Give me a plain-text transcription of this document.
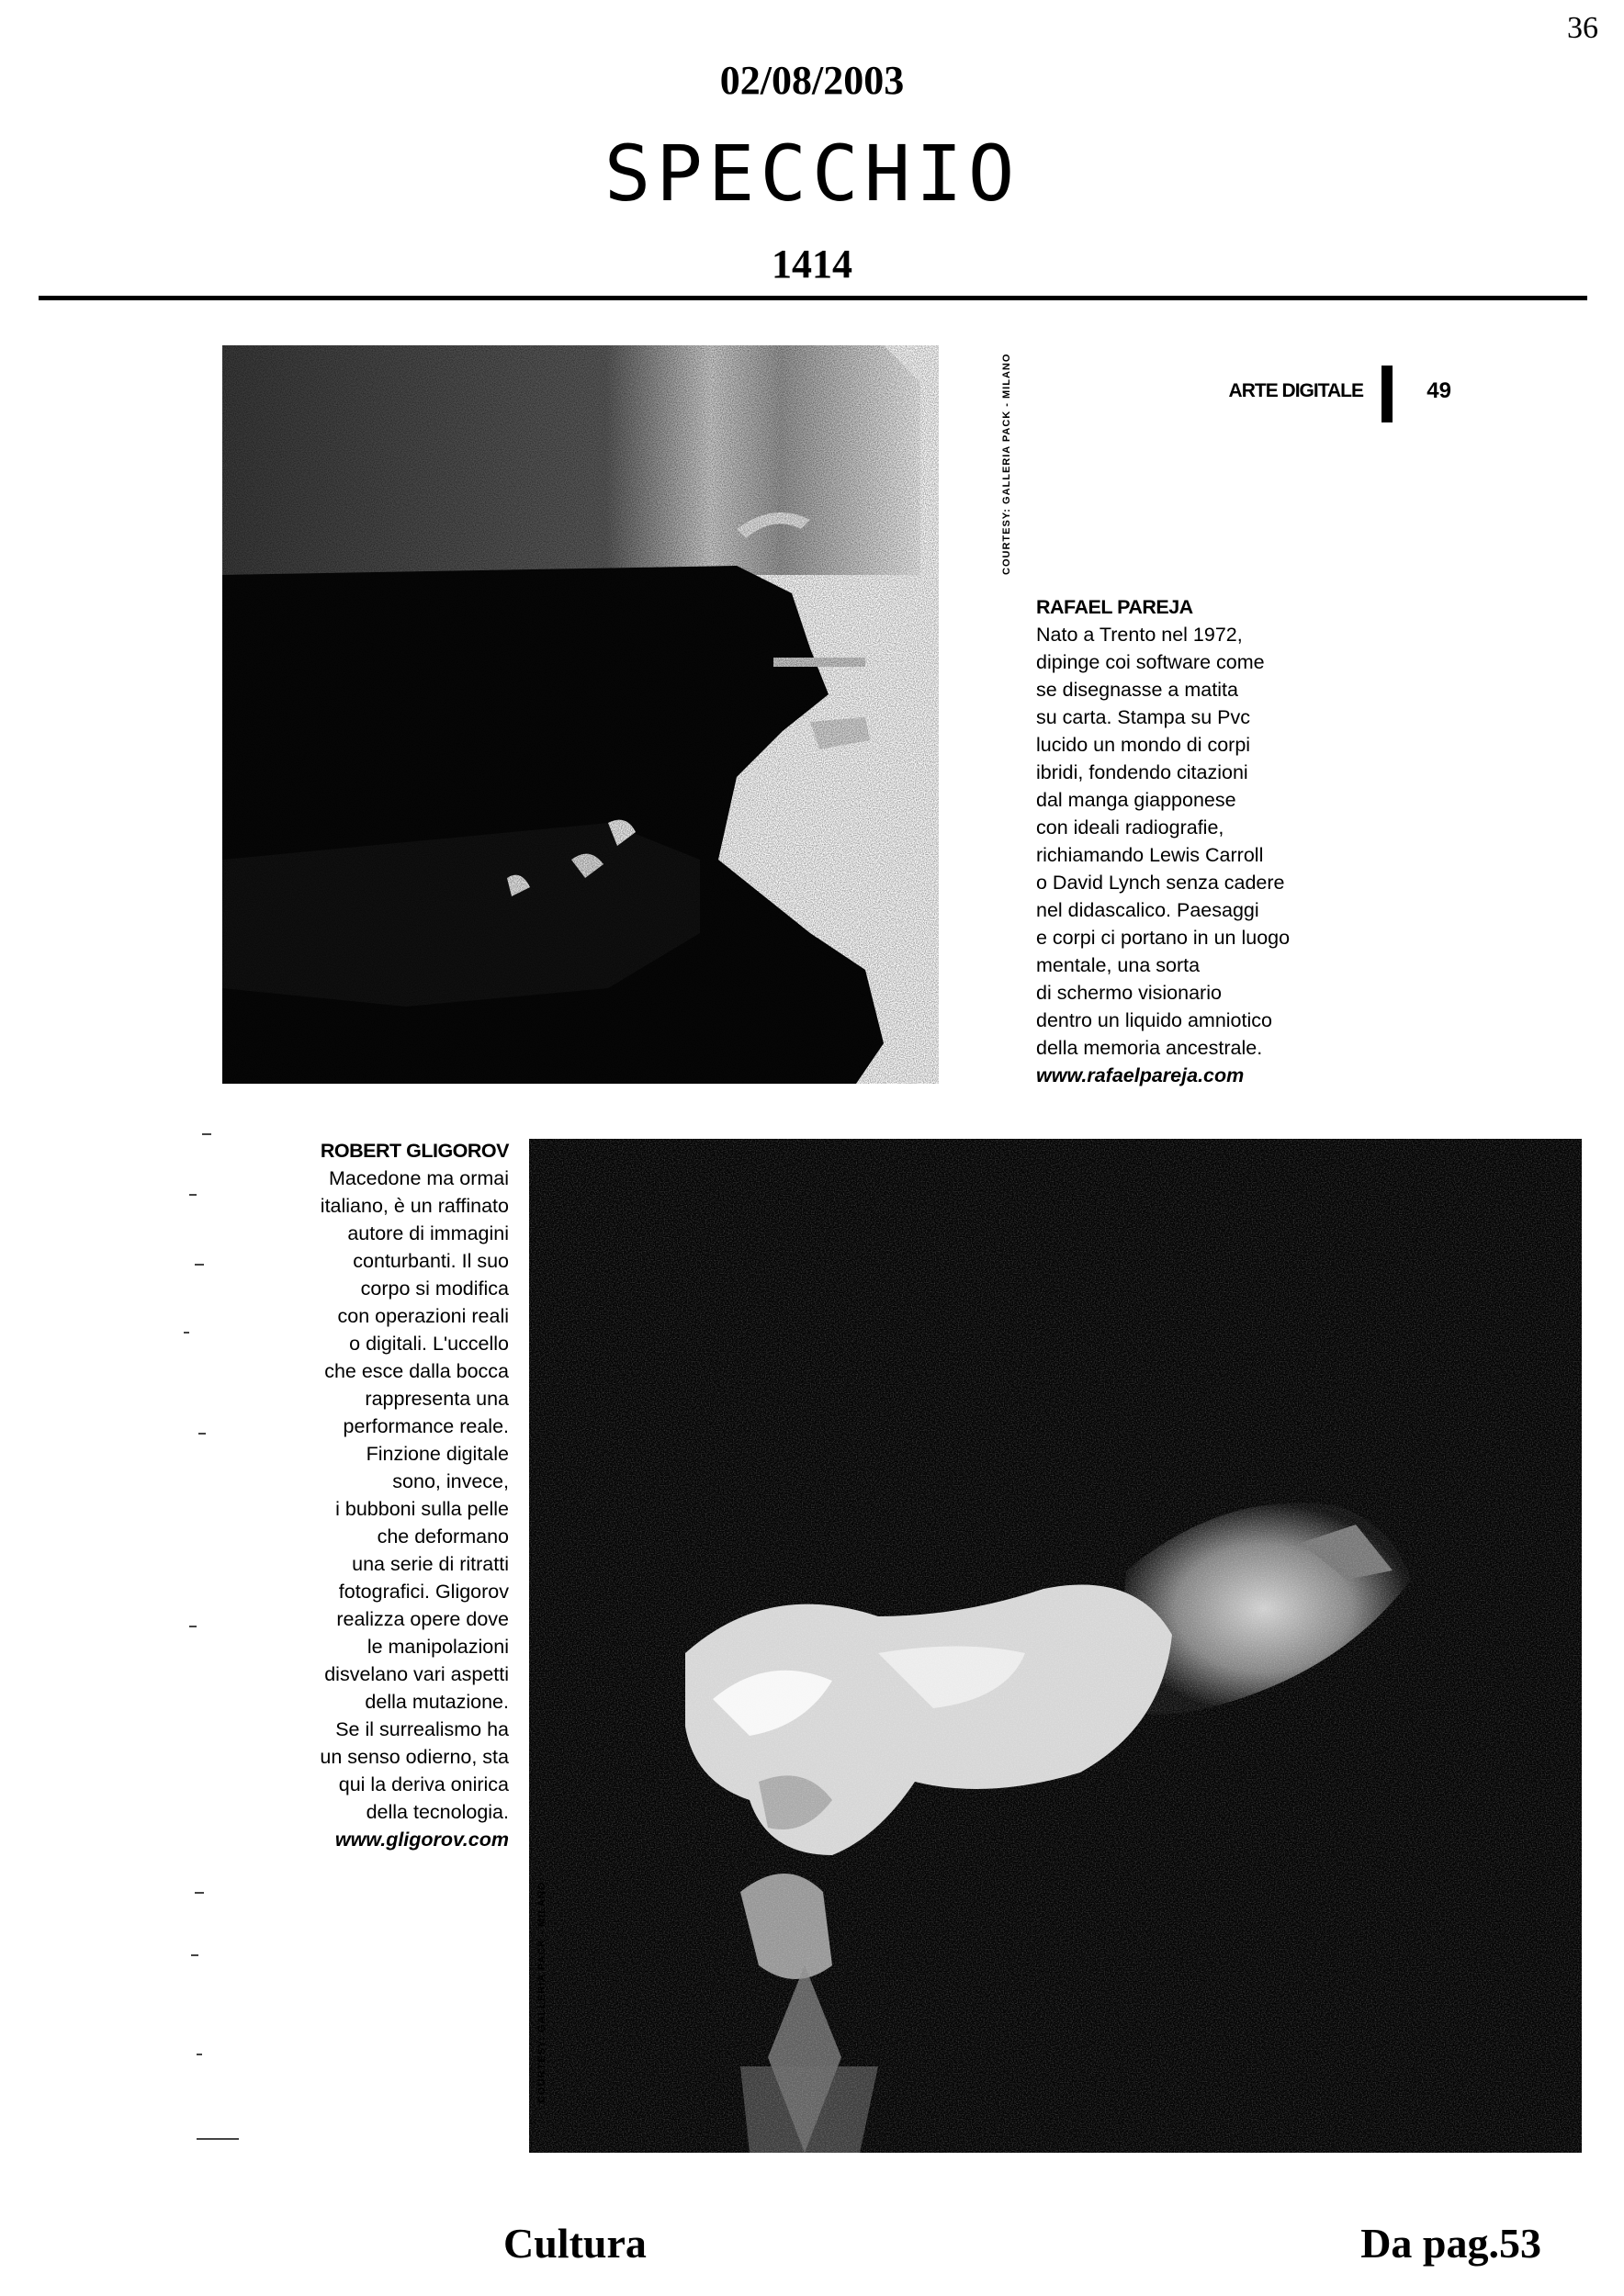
36
02/08/2003
SPECCHIO
1414
ARTE DIGITALE	49
COURTESY: GALLERIA PACK - MILANO
RAFAEL PAREJA
Nato a Trento nel 1972,
dipinge coi software come
se disegnasse a matita
su carta. Stampa su Pvc
lucido un mondo di corpi
ibridi, fondendo citazioni
dal manga giapponese
con ideali radiografie,
richiamando Lewis Carroll
o David Lynch senza cadere
nel didascalico. Paesaggi
e corpi ci portano in un luogo
mentale, una sorta
di schermo visionario
dentro un liquido amniotico
della memoria ancestrale.
www.rafaelpareja.com
ROBERT GLIGOROV
Macedone ma ormai
italiano, è un raffinato
autore di immagini
conturbanti. Il suo
corpo si modifica
con operazioni reali
o digitali. L'uccello
che esce dalla bocca
rappresenta una
performance reale.
Finzione digitale
sono, invece,
i bubboni sulla pelle
che deformano
una serie di ritratti
fotografici. Gligorov
realizza opere dove
le manipolazioni
disvelano vari aspetti
della mutazione.
Se il surrealismo ha
un senso odierno, sta
qui la deriva onirica
della tecnologia.
www.gligorov.com
COURTESY: GALLERIA PACK - MILANO
Cultura	Da pag.53
